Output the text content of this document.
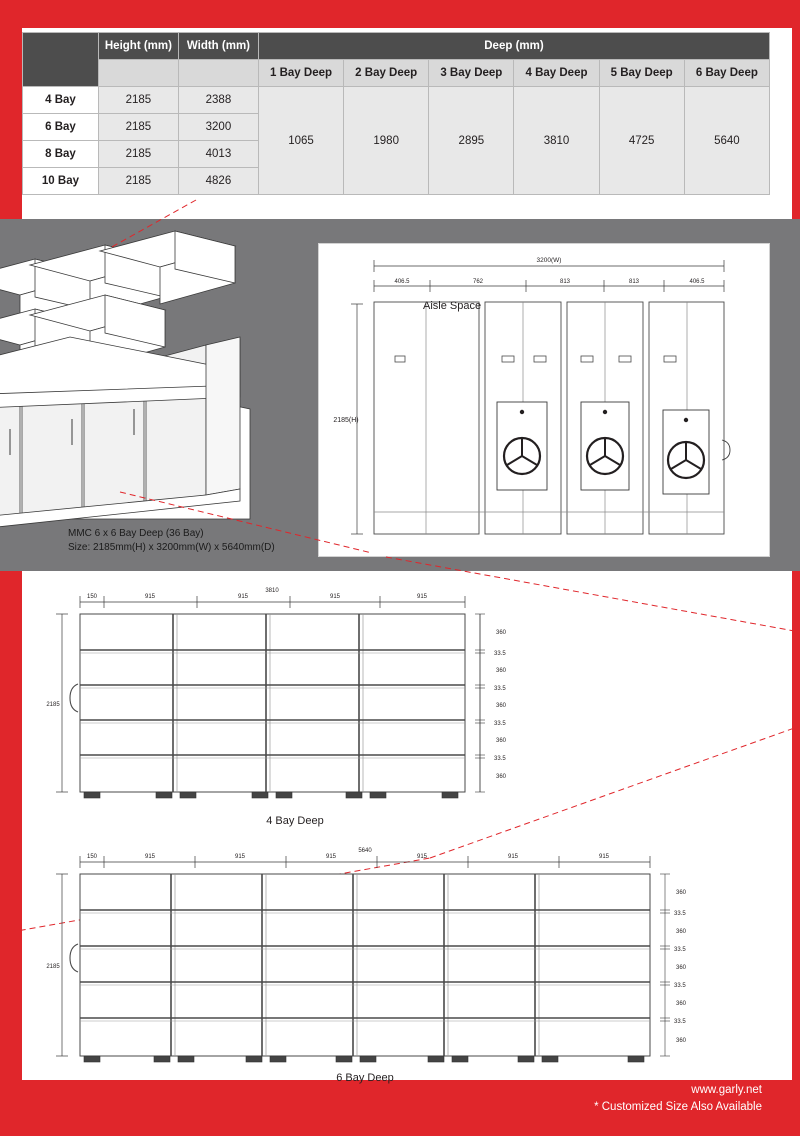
www.garly.net
* Customized Size Also Available
	Height (mm)	Width (mm)	Deep (mm)					
			1 Bay Deep	2 Bay Deep	3 Bay Deep	4 Bay Deep	5 Bay Deep	6 Bay Deep
4 Bay	2185	2388	1065	1980	2895	3810	4725	5640
6 Bay	2185	3200						
8 Bay	2185	4013						
10 Bay	2185	4826						
MMC 6 x 6 Bay Deep (36 Bay)
Size: 2185mm(H) x 3200mm(W) x 5640mm(D)
3200(W)
406.5	762	813	813	406.5
2185(H)
Aisle Space
3810
150	915	915	915	915
2185
360
33.5
360
33.5
360
33.5
360
33.5
360
4 Bay Deep
5640
150	915	915	915	915	915	915
2185
360
33.5
360
33.5
360
33.5
360
33.5
360
6 Bay Deep
